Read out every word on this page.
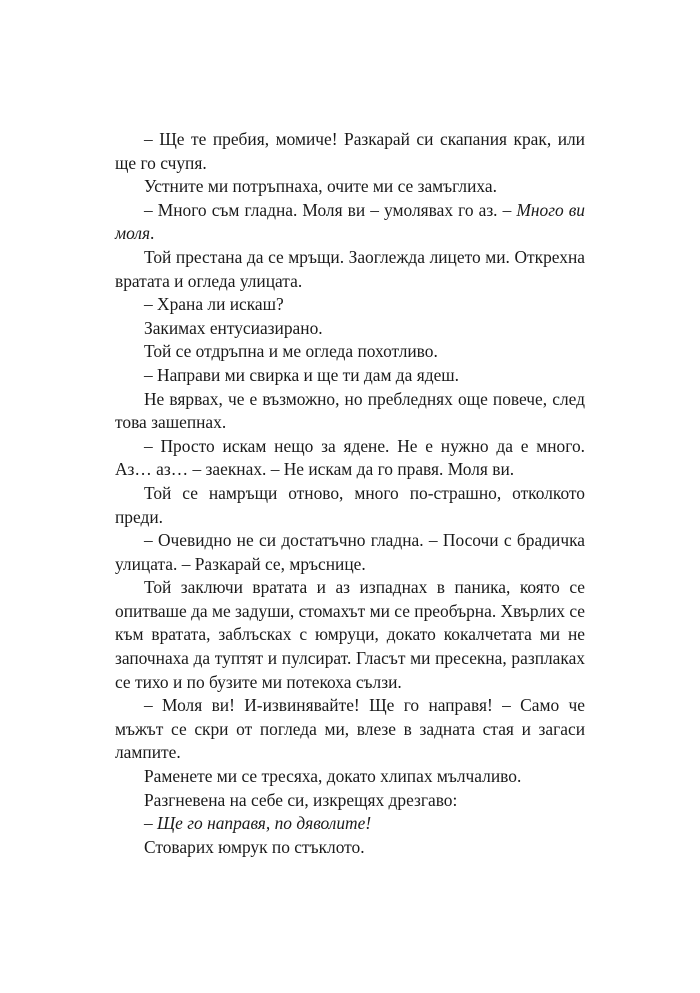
– Ще те пребия, момиче! Разкарай си скапания крак, или ще го счупя.

Устните ми потръпнаха, очите ми се замъглиха.

– Много съм гладна. Моля ви – умолявах го аз. – Много ви моля.

Той престана да се мръщи. Заоглежда лицето ми. Открехна вратата и огледа улицата.

– Храна ли искаш?

Закимах ентусиазирано.

Той се отдръпна и ме огледа похотливо.

– Направи ми свирка и ще ти дам да ядеш.

Не вярвах, че е възможно, но пребледнях още повече, след това зашепнах.

– Просто искам нещо за ядене. Не е нужно да е много. Аз… аз… – заекнах. – Не искам да го правя. Моля ви.

Той се намръщи отново, много по-страшно, отколкото преди.

– Очевидно не си достатъчно гладна. – Посочи с брадичка улицата. – Разкарай се, мръснице.

Той заключи вратата и аз изпаднах в паника, която се опитваше да ме задуши, стомахът ми се преобърна. Хвърлих се към вратата, заблъсках с юмруци, докато кокалчетата ми не започнаха да туптят и пулсират. Гласът ми пресекна, разплаках се тихо и по бузите ми потекоха сълзи.

– Моля ви! И-извинявайте! Ще го направя! – Само че мъжът се скри от погледа ми, влезе в задната стая и загаси лампите.

Раменете ми се тресяха, докато хлипах мълчаливо.

Разгневена на себе си, изкрещях дрезгаво:

– Ще го направя, по дяволите!

Стоварих юмрук по стъклото.
